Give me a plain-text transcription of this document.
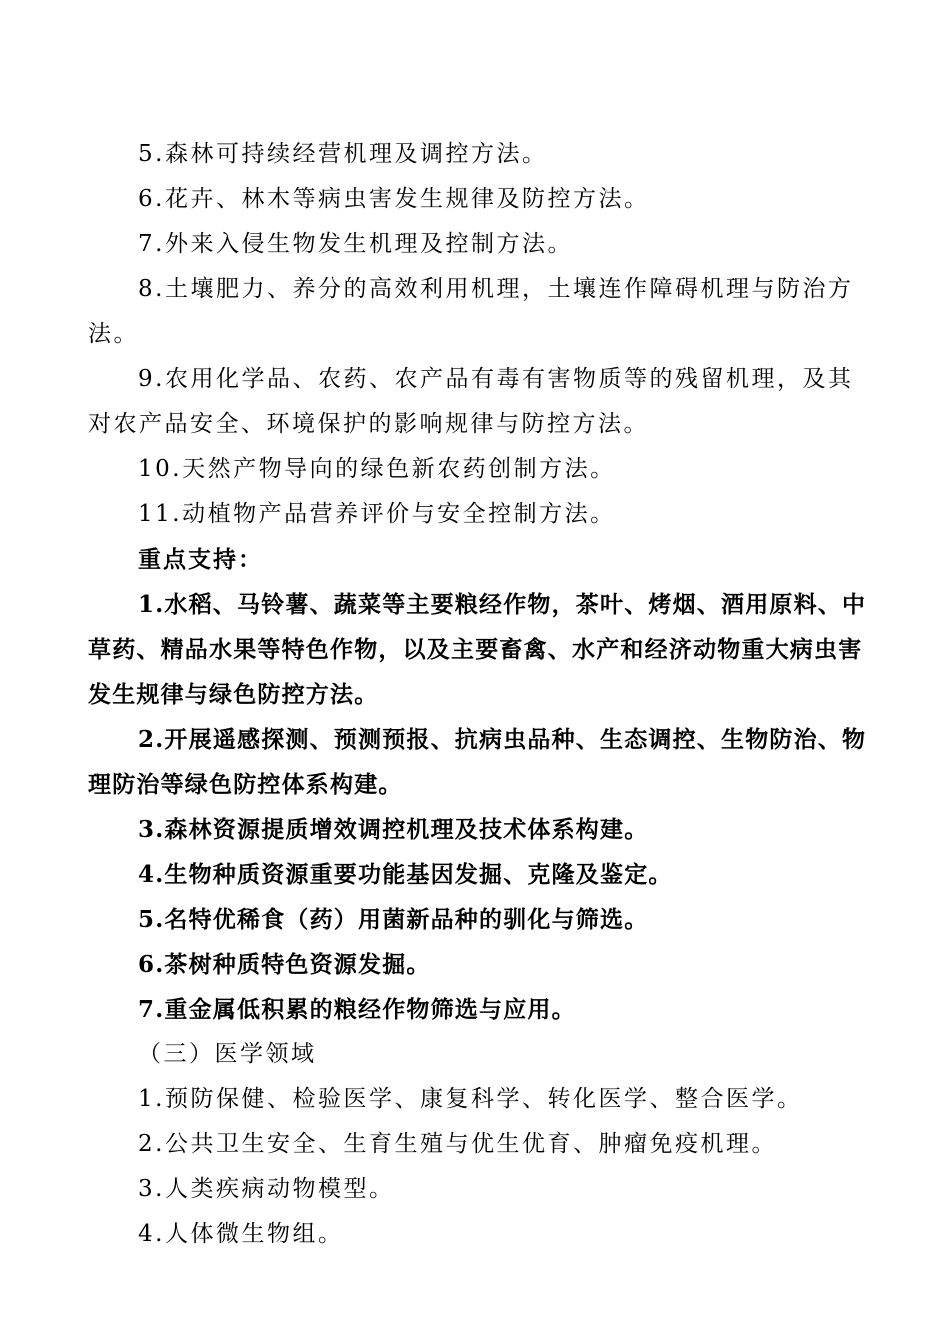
5.森林可持续经营机理及调控方法。

6.花卉、林木等病虫害发生规律及防控方法。

7.外来入侵生物发生机理及控制方法。

8.土壤肥力、养分的高效利用机理，土壤连作障碍机理与防治方法。

9.农用化学品、农药、农产品有毒有害物质等的残留机理，及其对农产品安全、环境保护的影响规律与防控方法。

10.天然产物导向的绿色新农药创制方法。

11.动植物产品营养评价与安全控制方法。

重点支持：

1.水稻、马铃薯、蔬菜等主要粮经作物，茶叶、烤烟、酒用原料、中草药、精品水果等特色作物，以及主要畜禽、水产和经济动物重大病虫害发生规律与绿色防控方法。

2.开展遥感探测、预测预报、抗病虫品种、生态调控、生物防治、物理防治等绿色防控体系构建。

3.森林资源提质增效调控机理及技术体系构建。

4.生物种质资源重要功能基因发掘、克隆及鉴定。

5.名特优稀食（药）用菌新品种的驯化与筛选。

6.茶树种质特色资源发掘。

7.重金属低积累的粮经作物筛选与应用。

（三）医学领域

1.预防保健、检验医学、康复科学、转化医学、整合医学。

2.公共卫生安全、生育生殖与优生优育、肿瘤免疫机理。

3.人类疾病动物模型。

4.人体微生物组。
